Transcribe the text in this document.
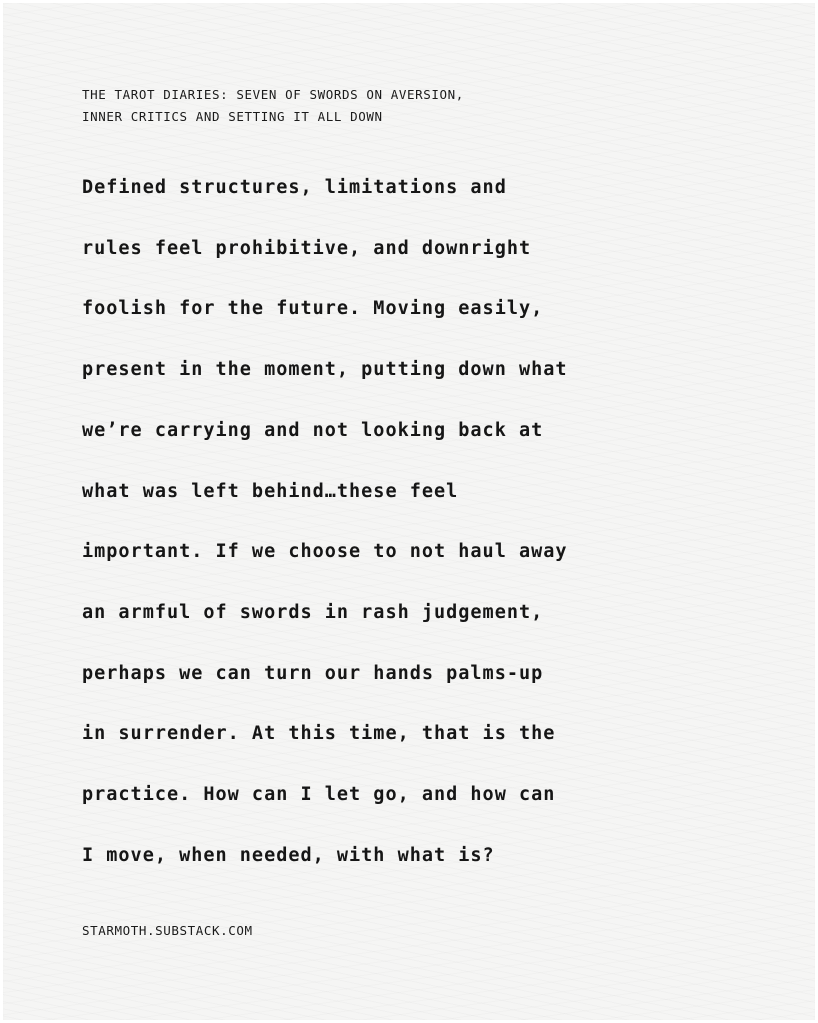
THE TAROT DIARIES: SEVEN OF SWORDS ON AVERSION,
INNER CRITICS AND SETTING IT ALL DOWN
Defined structures, limitations and
rules feel prohibitive, and downright
foolish for the future. Moving easily,
present in the moment, putting down what
we’re carrying and not looking back at
what was left behind…these feel
important. If we choose to not haul away
an armful of swords in rash judgement,
perhaps we can turn our hands palms-up
in surrender. At this time, that is the
practice. How can I let go, and how can
I move, when needed, with what is?
STARMOTH.SUBSTACK.COM
